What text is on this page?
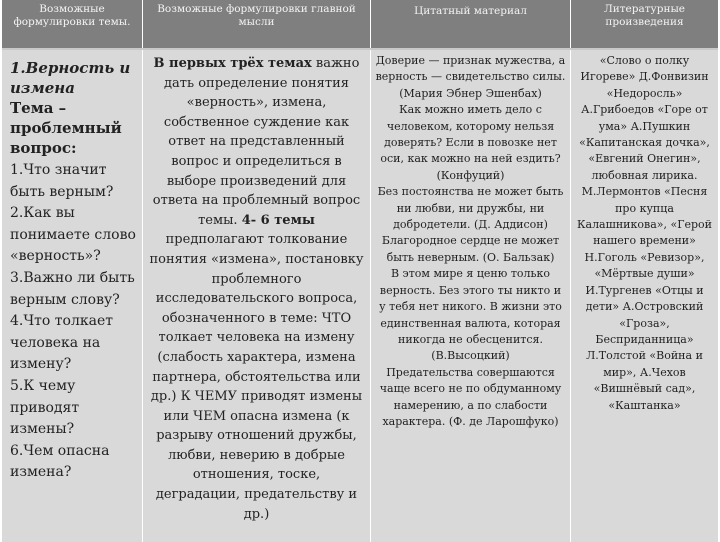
Возможные формулировки темы.
Возможные формулировки главной мысли
Цитатный материал	Литературные произведения
1.Верность и измена
Тема – проблемный вопрос:
1.Что значит быть верным?
2.Как вы понимаете слово «верность»?
3.Важно ли быть верным слову?
4.Что толкает человека на измену?
5.К чему приводят измены?
6.Чем опасна измена?
В первых трёх темах важно дать определение понятия «верность», измена, собственное суждение как ответ на представленный вопрос и определиться в выборе произведений для ответа на проблемный вопрос темы. 4- 6 темы предполагают толкование понятия «измена», постановку проблемного исследовательского вопроса, обозначенного в теме: ЧТО толкает человека на измену (слабость характера, измена партнера, обстоятельства или др.) К ЧЕМУ приводят измены или ЧЕМ опасна измена (к разрыву отношений дружбы, любви, неверию в добрые отношения, тоске, деградации, предательству и др.)
Доверие — признак мужества, а верность — свидетельство силы. (Мария Эбнер Эшенбах)
Как можно иметь дело с человеком, которому нельзя доверять? Если в повозке нет оси, как можно на ней ездить? (Конфуций)
Без постоянства не может быть ни любви, ни дружбы, ни добродетели. (Д. Аддисон)
Благородное сердце не может быть неверным. (О. Бальзак)
В этом мире я ценю только верность. Без этого ты никто и у тебя нет никого. В жизни это единственная валюта, которая никогда не обесценится. (В.Высоцкий)
Предательства совершаются чаще всего не по обдуманному намерению, а по слабости характера. (Ф. де Ларошфуко)
«Слово о полку Игореве» Д.Фонвизин «Недоросль» А.Грибоедов «Горе от ума» А.Пушкин «Капитанская дочка», «Евгений Онегин», любовная лирика. М.Лермонтов «Песня про купца Калашникова», «Герой нашего времени» Н.Гоголь «Ревизор», «Мёртвые души» И.Тургенев «Отцы и дети» А.Островский «Гроза», Бесприданница» Л.Толстой «Война и мир», А.Чехов «Вишнёвый сад», «Каштанка»
